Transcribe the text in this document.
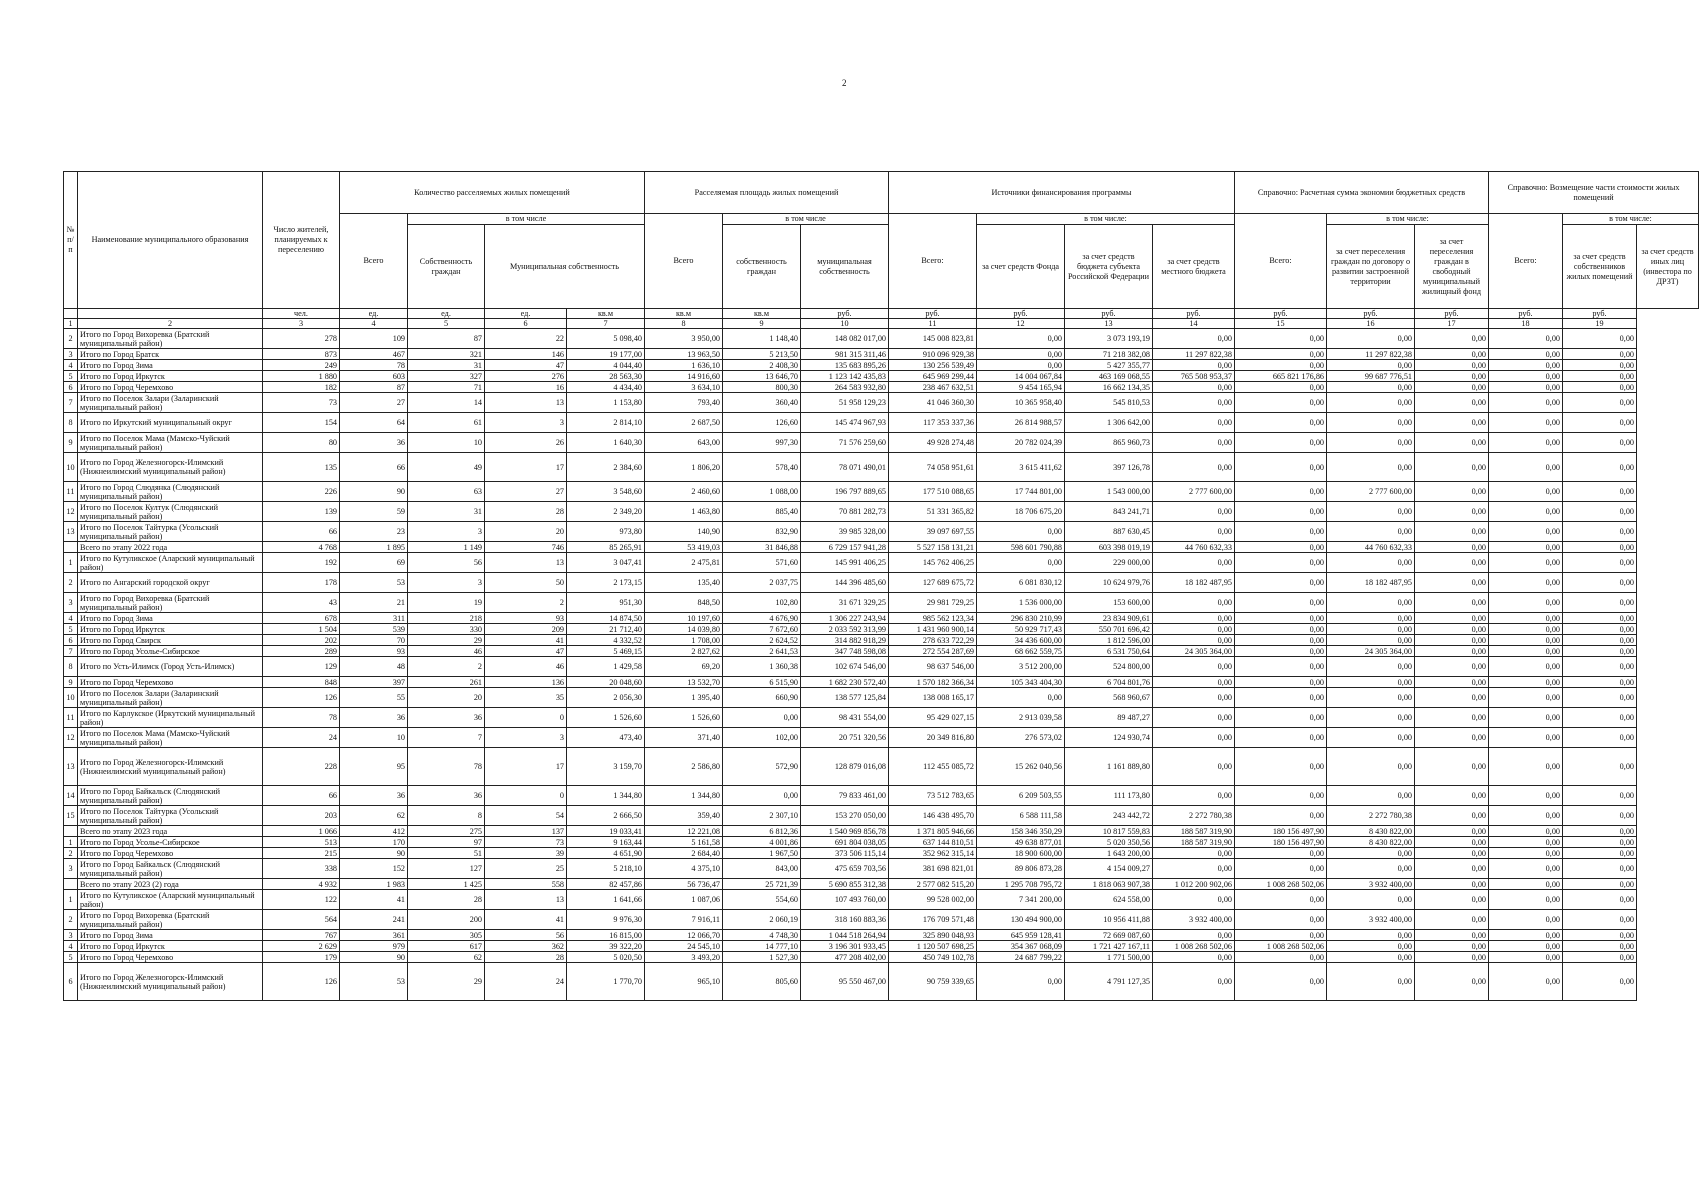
2
№ п/п	Наименование муниципального образования	Число жителей, планируемых к переселению	Количество расселяемых жилых помещений				Расселяемая площадь жилых помещений			Источники финансирования программы				Справочно: Расчетная сумма экономии бюджетных средств			Справочно: Возмещение части стоимости жилых помещений		
			Всего	в том числе			Всего	в том числе		Всего:	в том числе:			Всего:	в том числе:		Всего:	в том числе:	
				Собственность граждан	Муниципальная собственность			собственность граждан	муниципальная собственность		за счет средств Фонда	за счет средств бюджета субъекта Российской Федерации	за счет средств местного бюджета		за счет переселения граждан по договору о развитии застроенной территории	за счет переселения граждан в свободный муниципальный жилищный фонд		за счет средств собственников жилых помещений	за счет средств иных лиц (инвестора по ДРЗТ)
		чел.	ед.	ед.	ед.	кв.м	кв.м	кв.м	руб.	руб.	руб.	руб.	руб.	руб.	руб.	руб.	руб.	руб.	
1	2	3	4	5	6	7	8	9	10	11	12	13	14	15	16	17	18	19	
2	Итого по Город Вихоревка (Братский муниципальный район)	278	109	87	22	5 098,40	3 950,00	1 148,40	148 082 017,00	145 008 823,81	0,00	3 073 193,19	0,00	0,00	0,00	0,00	0,00	0,00	
3	Итого по Город Братск	873	467	321	146	19 177,00	13 963,50	5 213,50	981 315 311,46	910 096 929,38	0,00	71 218 382,08	11 297 822,38	0,00	11 297 822,38	0,00	0,00	0,00	
4	Итого по Город Зима	249	78	31	47	4 044,40	1 636,10	2 408,30	135 683 895,26	130 256 539,49	0,00	5 427 355,77	0,00	0,00	0,00	0,00	0,00	0,00	
5	Итого по Город Иркутск	1 880	603	327	276	28 563,30	14 916,60	13 646,70	1 123 142 435,83	645 969 299,44	14 004 067,84	463 169 068,55	765 508 953,37	665 821 176,86	99 687 776,51	0,00	0,00	0,00	
6	Итого по Город Черемхово	182	87	71	16	4 434,40	3 634,10	800,30	264 583 932,80	238 467 632,51	9 454 165,94	16 662 134,35	0,00	0,00	0,00	0,00	0,00	0,00	
7	Итого по Поселок Залари (Заларинский муниципальный район)	73	27	14	13	1 153,80	793,40	360,40	51 958 129,23	41 046 360,30	10 365 958,40	545 810,53	0,00	0,00	0,00	0,00	0,00	0,00	
8	Итого по Иркутский муниципальный округ	154	64	61	3	2 814,10	2 687,50	126,60	145 474 967,93	117 353 337,36	26 814 988,57	1 306 642,00	0,00	0,00	0,00	0,00	0,00	0,00	
9	Итого по Поселок Мама (Мамско-Чуйский муниципальный район)	80	36	10	26	1 640,30	643,00	997,30	71 576 259,60	49 928 274,48	20 782 024,39	865 960,73	0,00	0,00	0,00	0,00	0,00	0,00	
10	Итого по Город Железногорск-Илимский (Нижнеилимский муниципальный район)	135	66	49	17	2 384,60	1 806,20	578,40	78 071 490,01	74 058 951,61	3 615 411,62	397 126,78	0,00	0,00	0,00	0,00	0,00	0,00	
11	Итого по Город Слюдянка (Слюдянский муниципальный район)	226	90	63	27	3 548,60	2 460,60	1 088,00	196 797 889,65	177 510 088,65	17 744 801,00	1 543 000,00	2 777 600,00	0,00	2 777 600,00	0,00	0,00	0,00	
12	Итого по Поселок Култук (Слюдянский муниципальный район)	139	59	31	28	2 349,20	1 463,80	885,40	70 881 282,73	51 331 365,82	18 706 675,20	843 241,71	0,00	0,00	0,00	0,00	0,00	0,00	
13	Итого по Поселок Тайтурка (Усольский муниципальный район)	66	23	3	20	973,80	140,90	832,90	39 985 328,00	39 097 697,55	0,00	887 630,45	0,00	0,00	0,00	0,00	0,00	0,00	
	Всего по этапу 2022 года	4 768	1 895	1 149	746	85 265,91	53 419,03	31 846,88	6 729 157 941,28	5 527 158 131,21	598 601 790,88	603 398 019,19	44 760 632,33	0,00	44 760 632,33	0,00	0,00	0,00	
1	Итого по Кутуликское (Аларский муниципальный район)	192	69	56	13	3 047,41	2 475,81	571,60	145 991 406,25	145 762 406,25	0,00	229 000,00	0,00	0,00	0,00	0,00	0,00	0,00	
2	Итого по Ангарский городской округ	178	53	3	50	2 173,15	135,40	2 037,75	144 396 485,60	127 689 675,72	6 081 830,12	10 624 979,76	18 182 487,95	0,00	18 182 487,95	0,00	0,00	0,00	
3	Итого по Город Вихоревка (Братский муниципальный район)	43	21	19	2	951,30	848,50	102,80	31 671 329,25	29 981 729,25	1 536 000,00	153 600,00	0,00	0,00	0,00	0,00	0,00	0,00	
4	Итого по Город Зима	678	311	218	93	14 874,50	10 197,60	4 676,90	1 306 227 243,94	985 562 123,34	296 830 210,99	23 834 909,61	0,00	0,00	0,00	0,00	0,00	0,00	
5	Итого по Город Иркутск	1 504	539	330	209	21 712,40	14 039,80	7 672,60	2 033 592 313,99	1 431 960 900,14	50 929 717,43	550 701 696,42	0,00	0,00	0,00	0,00	0,00	0,00	
6	Итого по Город Свирск	202	70	29	41	4 332,52	1 708,00	2 624,52	314 882 918,29	278 633 722,29	34 436 600,00	1 812 596,00	0,00	0,00	0,00	0,00	0,00	0,00	
7	Итого по Город Усолье-Сибирское	289	93	46	47	5 469,15	2 827,62	2 641,53	347 748 598,08	272 554 287,69	68 662 559,75	6 531 750,64	24 305 364,00	0,00	24 305 364,00	0,00	0,00	0,00	
8	Итого по Усть-Илимск (Город Усть-Илимск)	129	48	2	46	1 429,58	69,20	1 360,38	102 674 546,00	98 637 546,00	3 512 200,00	524 800,00	0,00	0,00	0,00	0,00	0,00	0,00	
9	Итого по Город Черемхово	848	397	261	136	20 048,60	13 532,70	6 515,90	1 682 230 572,40	1 570 182 366,34	105 343 404,30	6 704 801,76	0,00	0,00	0,00	0,00	0,00	0,00	
10	Итого по Поселок Залари (Заларинский муниципальный район)	126	55	20	35	2 056,30	1 395,40	660,90	138 577 125,84	138 008 165,17	0,00	568 960,67	0,00	0,00	0,00	0,00	0,00	0,00	
11	Итого по Карлукское (Иркутский муниципальный район)	78	36	36	0	1 526,60	1 526,60	0,00	98 431 554,00	95 429 027,15	2 913 039,58	89 487,27	0,00	0,00	0,00	0,00	0,00	0,00	
12	Итого по Поселок Мама (Мамско-Чуйский муниципальный район)	24	10	7	3	473,40	371,40	102,00	20 751 320,56	20 349 816,80	276 573,02	124 930,74	0,00	0,00	0,00	0,00	0,00	0,00	
13	Итого по Город Железногорск-Илимский (Нижнеилимский муниципальный район)	228	95	78	17	3 159,70	2 586,80	572,90	128 879 016,08	112 455 085,72	15 262 040,56	1 161 889,80	0,00	0,00	0,00	0,00	0,00	0,00	
14	Итого по Город Байкальск (Слюдянский муниципальный район)	66	36	36	0	1 344,80	1 344,80	0,00	79 833 461,00	73 512 783,65	6 209 503,55	111 173,80	0,00	0,00	0,00	0,00	0,00	0,00	
15	Итого по Поселок Тайтурка (Усольский муниципальный район)	203	62	8	54	2 666,50	359,40	2 307,10	153 270 050,00	146 438 495,70	6 588 111,58	243 442,72	2 272 780,38	0,00	2 272 780,38	0,00	0,00	0,00	
	Всего по этапу 2023 года	1 066	412	275	137	19 033,41	12 221,08	6 812,36	1 540 969 856,78	1 371 805 946,66	158 346 350,29	10 817 559,83	188 587 319,90	180 156 497,90	8 430 822,00	0,00	0,00	0,00	
1	Итого по Город Усолье-Сибирское	513	170	97	73	9 163,44	5 161,58	4 001,86	691 804 038,05	637 144 810,51	49 638 877,01	5 020 350,56	188 587 319,90	180 156 497,90	8 430 822,00	0,00	0,00	0,00	
2	Итого по Город Черемхово	215	90	51	39	4 651,90	2 684,40	1 967,50	373 506 115,14	352 962 315,14	18 900 600,00	1 643 200,00	0,00	0,00	0,00	0,00	0,00	0,00	
3	Итого по Город Байкальск (Слюдянский муниципальный район)	338	152	127	25	5 218,10	4 375,10	843,00	475 659 703,56	381 698 821,01	89 806 873,28	4 154 009,27	0,00	0,00	0,00	0,00	0,00	0,00	
	Всего по этапу 2023 (2) года	4 932	1 983	1 425	558	82 457,86	56 736,47	25 721,39	5 690 855 312,38	2 577 082 515,20	1 295 708 795,72	1 818 063 907,38	1 012 200 902,06	1 008 268 502,06	3 932 400,00	0,00	0,00	0,00	
1	Итого по Кутуликское (Аларский муниципальный район)	122	41	28	13	1 641,66	1 087,06	554,60	107 493 760,00	99 528 002,00	7 341 200,00	624 558,00	0,00	0,00	0,00	0,00	0,00	0,00	
2	Итого по Город Вихоревка (Братский муниципальный район)	564	241	200	41	9 976,30	7 916,11	2 060,19	318 160 883,36	176 709 571,48	130 494 900,00	10 956 411,88	3 932 400,00	0,00	3 932 400,00	0,00	0,00	0,00	
3	Итого по Город Зима	767	361	305	56	16 815,00	12 066,70	4 748,30	1 044 518 264,94	325 890 048,93	645 959 128,41	72 669 087,60	0,00	0,00	0,00	0,00	0,00	0,00	
4	Итого по Город Иркутск	2 629	979	617	362	39 322,20	24 545,10	14 777,10	3 196 301 933,45	1 120 507 698,25	354 367 068,09	1 721 427 167,11	1 008 268 502,06	1 008 268 502,06	0,00	0,00	0,00	0,00	
5	Итого по Город Черемхово	179	90	62	28	5 020,50	3 493,20	1 527,30	477 208 402,00	450 749 102,78	24 687 799,22	1 771 500,00	0,00	0,00	0,00	0,00	0,00	0,00	
6	Итого по Город Железногорск-Илимский (Нижнеилимский муниципальный район)	126	53	29	24	1 770,70	965,10	805,60	95 550 467,00	90 759 339,65	0,00	4 791 127,35	0,00	0,00	0,00	0,00	0,00	0,00	
